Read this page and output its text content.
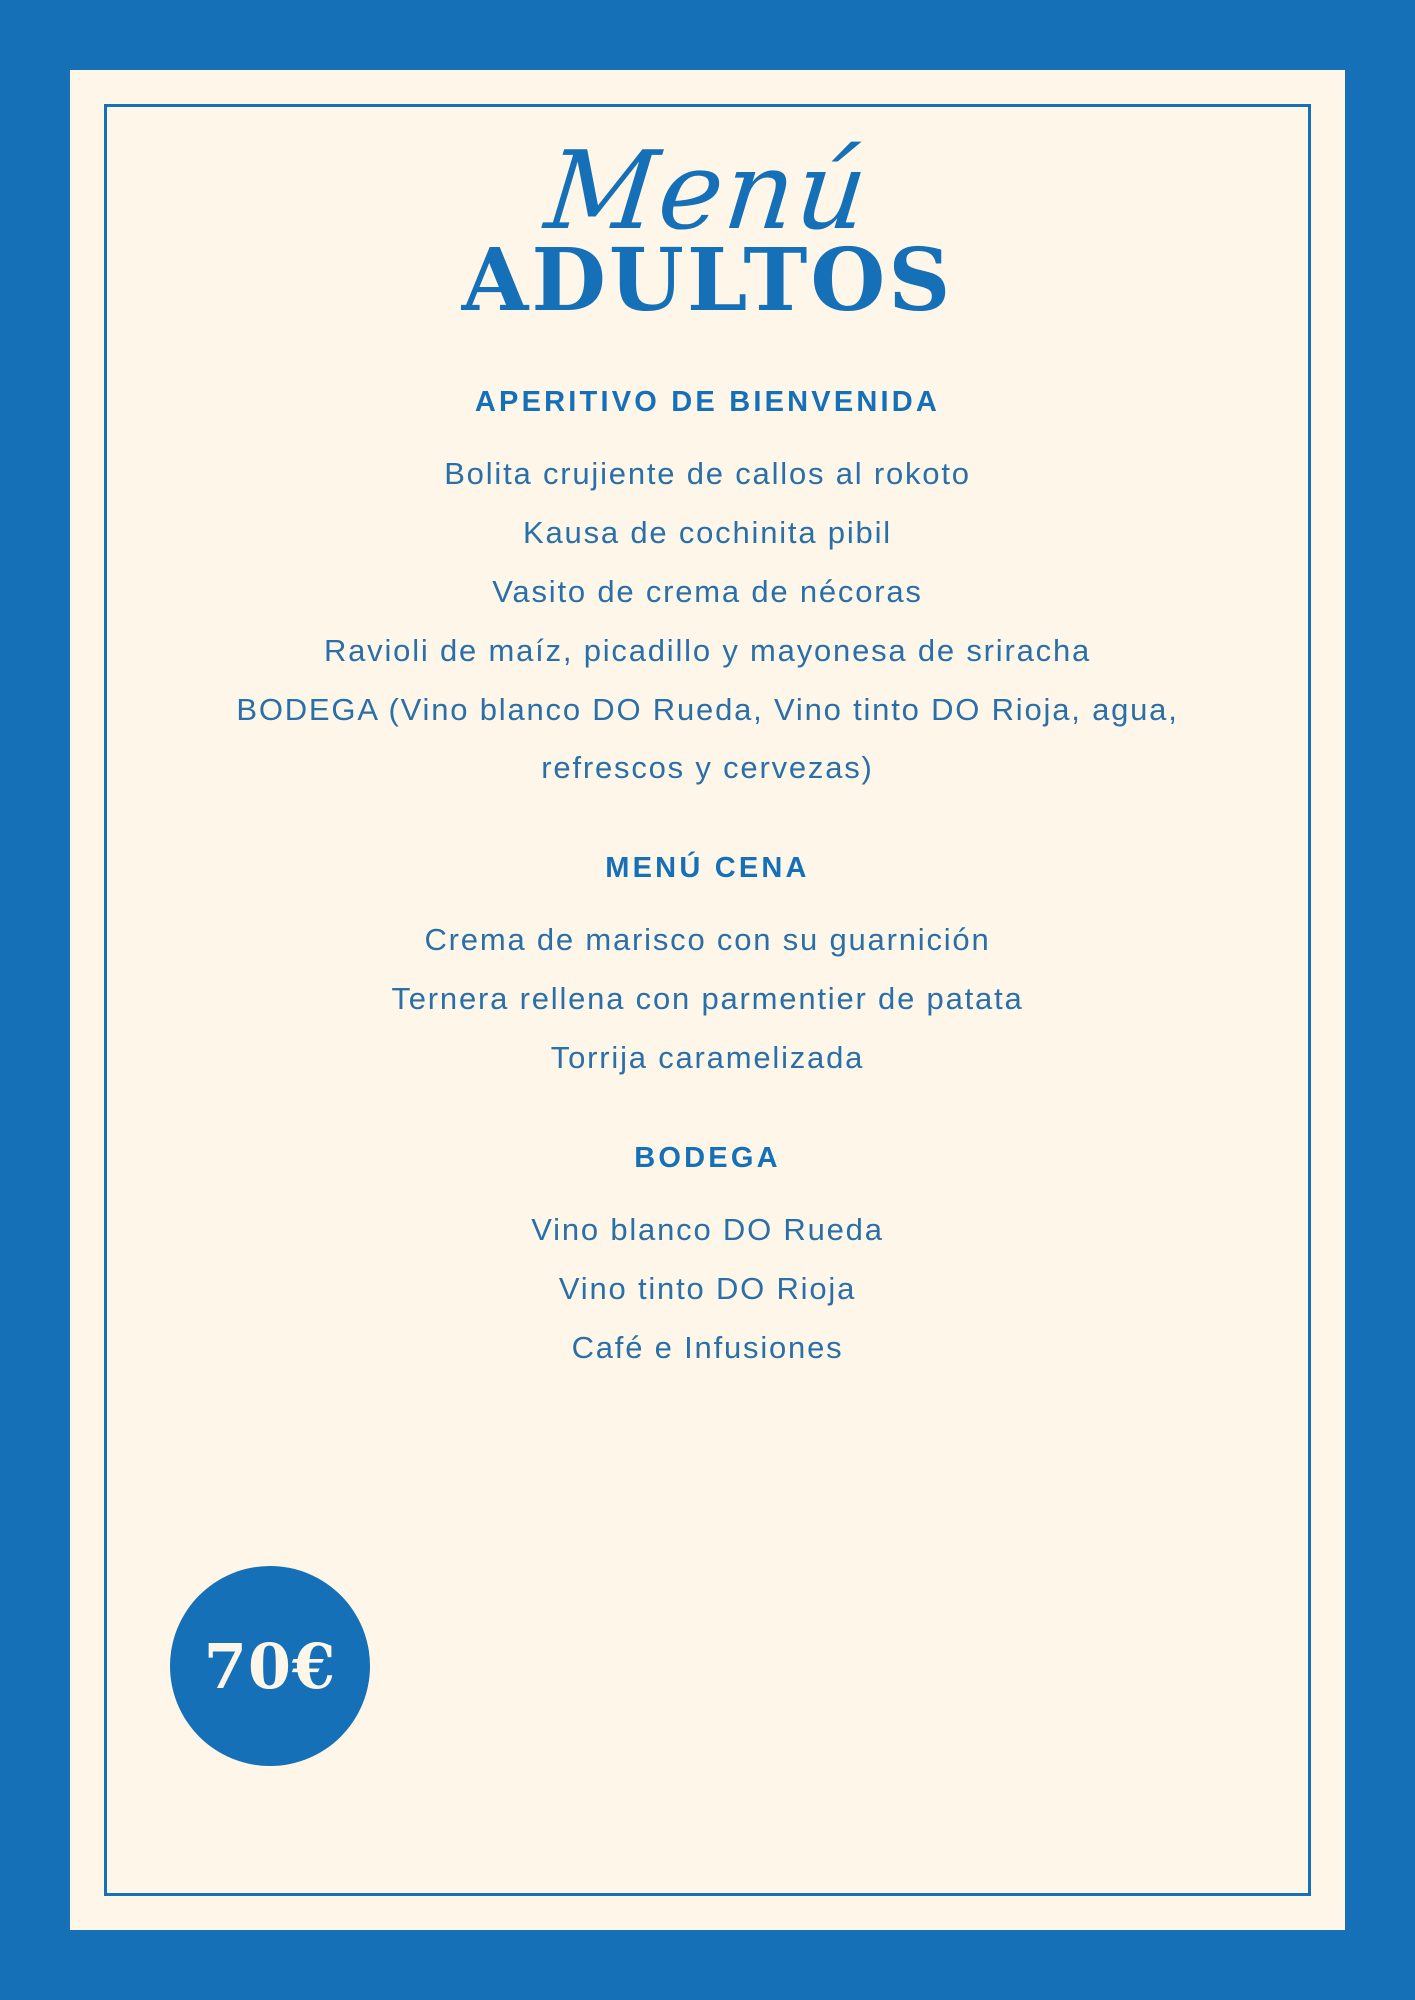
Menú
ADULTOS
APERITIVO DE BIENVENIDA
Bolita crujiente de callos al rokoto
Kausa de cochinita pibil
Vasito de crema de nécoras
Ravioli de maíz, picadillo y mayonesa de sriracha
BODEGA (Vino blanco DO Rueda, Vino tinto DO Rioja, agua, refrescos y cervezas)
MENÚ CENA
Crema de marisco con su guarnición
Ternera rellena con parmentier de patata
Torrija caramelizada
BODEGA
Vino blanco DO Rueda
Vino tinto DO Rioja
Café e Infusiones
70€
